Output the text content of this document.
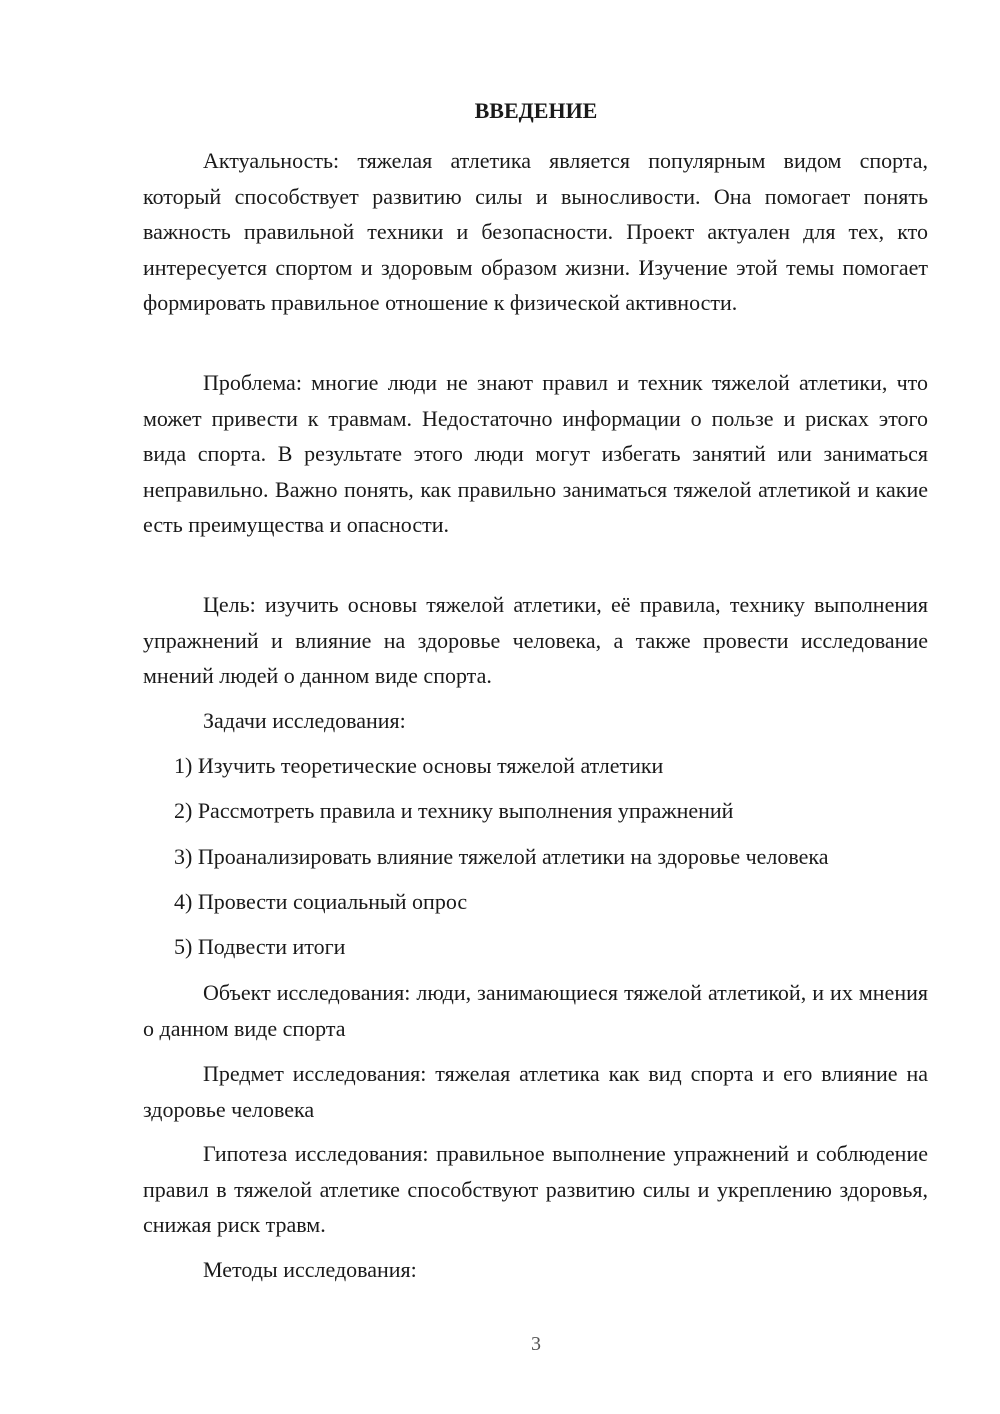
ВВЕДЕНИЕ

Актуальность: тяжелая атлетика является популярным видом спорта, который способствует развитию силы и выносливости. Она помогает понять важность правильной техники и безопасности. Проект актуален для тех, кто интересуется спортом и здоровым образом жизни. Изучение этой темы помогает формировать правильное отношение к физической активности.

Проблема: многие люди не знают правил и техник тяжелой атлетики, что может привести к травмам. Недостаточно информации о пользе и рисках этого вида спорта. В результате этого люди могут избегать занятий или заниматься неправильно. Важно понять, как правильно заниматься тяжелой атлетикой и какие есть преимущества и опасности.

Цель: изучить основы тяжелой атлетики, её правила, технику выполнения упражнений и влияние на здоровье человека, а также провести исследование мнений людей о данном виде спорта.

Задачи исследования:

1) Изучить теоретические основы тяжелой атлетики

2) Рассмотреть правила и технику выполнения упражнений

3) Проанализировать влияние тяжелой атлетики на здоровье человека

4) Провести социальный опрос

5) Подвести итоги

Объект исследования: люди, занимающиеся тяжелой атлетикой, и их мнения о данном виде спорта

Предмет исследования: тяжелая атлетика как вид спорта и его влияние на здоровье человека

Гипотеза исследования: правильное выполнение упражнений и соблюдение правил в тяжелой атлетике способствуют развитию силы и укреплению здоровья, снижая риск травм.

Методы исследования:

3
